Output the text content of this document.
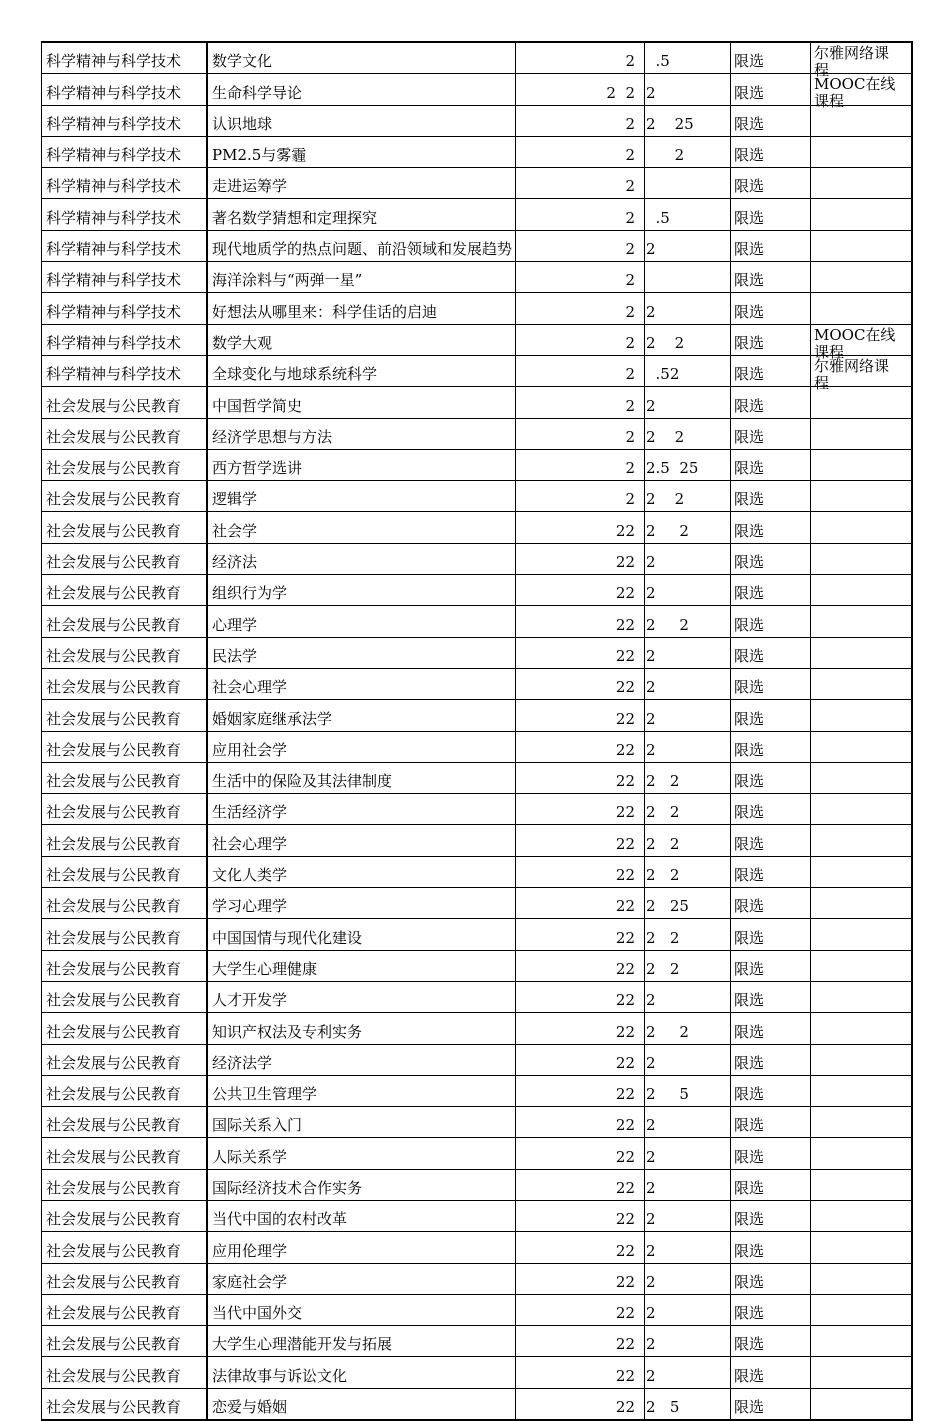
科学精神与科学技术	数学文化	2	.5	限选	尔雅网络课程

科学精神与科学技术	生命科学导论	2  2	2	限选	MOOC在线课程

科学精神与科学技术	认识地球	2	2    25	限选	

科学精神与科学技术	PM2.5与雾霾	2	2	限选	

科学精神与科学技术	走进运筹学	2		限选	

科学精神与科学技术	著名数学猜想和定理探究	2	.5	限选	

科学精神与科学技术	现代地质学的热点问题、前沿领域和发展趋势	2	2	限选	

科学精神与科学技术	海洋涂料与“两弹一星”	2		限选	

科学精神与科学技术	好想法从哪里来：科学佳话的启迪	2	2	限选	

科学精神与科学技术	数学大观	2	2    2	限选	MOOC在线课程

科学精神与科学技术	全球变化与地球系统科学	2	.52	限选	尔雅网络课程

社会发展与公民教育	中国哲学简史	2	2	限选	

社会发展与公民教育	经济学思想与方法	2	2    2	限选	

社会发展与公民教育	西方哲学选讲	2	2.5  25	限选	

社会发展与公民教育	逻辑学	2	2    2	限选	

社会发展与公民教育	社会学	22	2     2	限选	

社会发展与公民教育	经济法	22	2	限选	

社会发展与公民教育	组织行为学	22	2	限选	

社会发展与公民教育	心理学	22	2     2	限选	

社会发展与公民教育	民法学	22	2	限选	

社会发展与公民教育	社会心理学	22	2	限选	

社会发展与公民教育	婚姻家庭继承法学	22	2	限选	

社会发展与公民教育	应用社会学	22	2	限选	

社会发展与公民教育	生活中的保险及其法律制度	22	2   2	限选	

社会发展与公民教育	生活经济学	22	2   2	限选	

社会发展与公民教育	社会心理学	22	2   2	限选	

社会发展与公民教育	文化人类学	22	2   2	限选	

社会发展与公民教育	学习心理学	22	2   25	限选	

社会发展与公民教育	中国国情与现代化建设	22	2   2	限选	

社会发展与公民教育	大学生心理健康	22	2   2	限选	

社会发展与公民教育	人才开发学	22	2	限选	

社会发展与公民教育	知识产权法及专利实务	22	2     2	限选	

社会发展与公民教育	经济法学	22	2	限选	

社会发展与公民教育	公共卫生管理学	22	2     5	限选	

社会发展与公民教育	国际关系入门	22	2	限选	

社会发展与公民教育	人际关系学	22	2	限选	

社会发展与公民教育	国际经济技术合作实务	22	2	限选	

社会发展与公民教育	当代中国的农村改革	22	2	限选	

社会发展与公民教育	应用伦理学	22	2	限选	

社会发展与公民教育	家庭社会学	22	2	限选	

社会发展与公民教育	当代中国外交	22	2	限选	

社会发展与公民教育	大学生心理潜能开发与拓展	22	2	限选	

社会发展与公民教育	法律故事与诉讼文化	22	2	限选	

社会发展与公民教育	恋爱与婚姻	22	2   5	限选	
